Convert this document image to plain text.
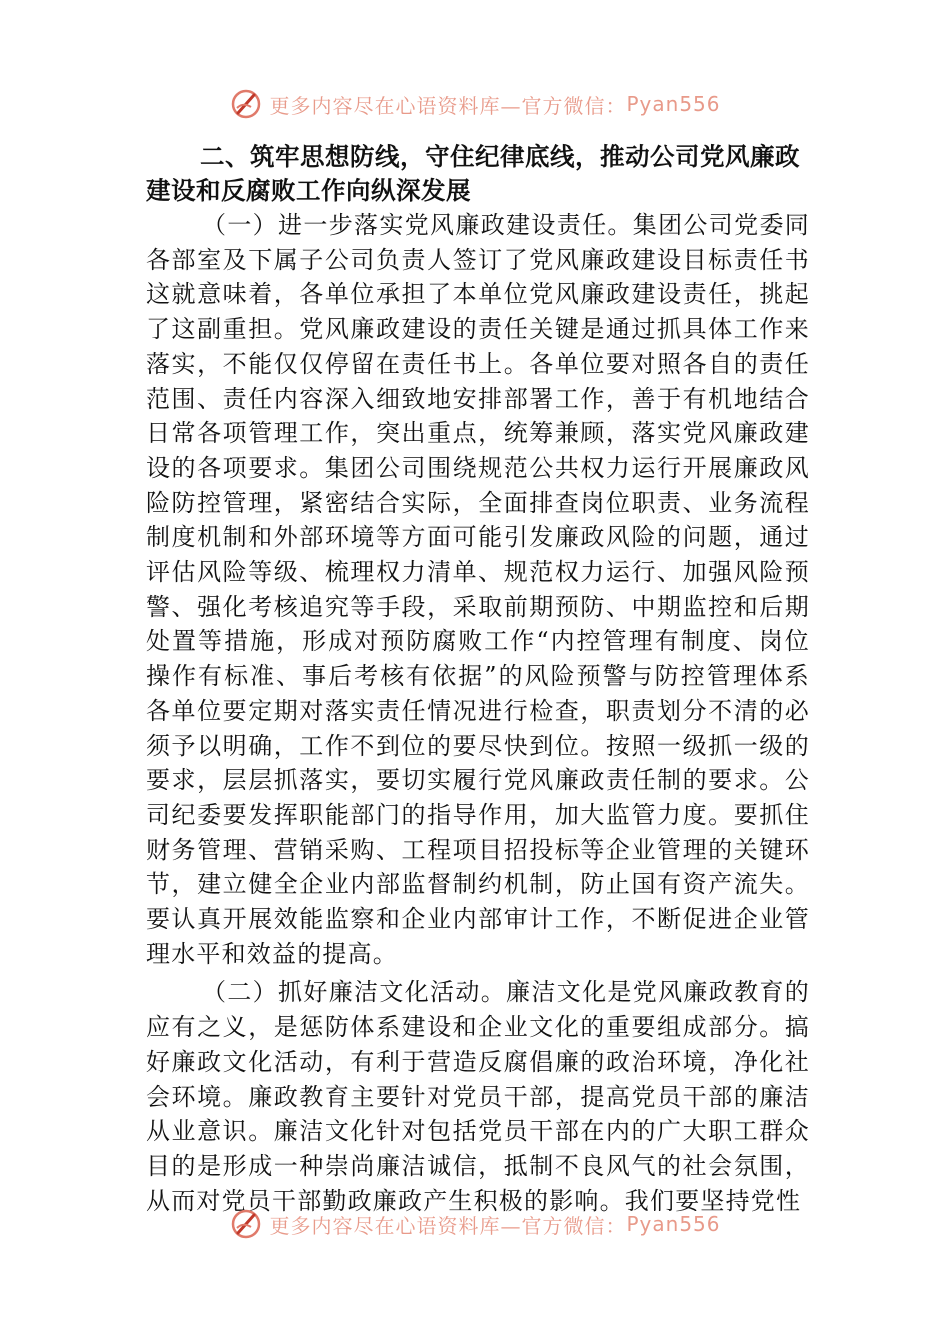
更多内容尽在心语资料库—官方微信： Pyan556
二、筑牢思想防线，守住纪律底线，推动公司党风廉政建设和反腐败工作向纵深发展

（一）进一步落实党风廉政建设责任。集团公司党委同各部室及下属子公司负责人签订了党风廉政建设目标责任书这就意味着，各单位承担了本单位党风廉政建设责任，挑起了这副重担。党风廉政建设的责任关键是通过抓具体工作来落实，不能仅仅停留在责任书上。各单位要对照各自的责任范围、责任内容深入细致地安排部署工作，善于有机地结合日常各项管理工作，突出重点，统筹兼顾，落实党风廉政建设的各项要求。集团公司围绕规范公共权力运行开展廉政风险防控管理，紧密结合实际，全面排查岗位职责、业务流程制度机制和外部环境等方面可能引发廉政风险的问题，通过评估风险等级、梳理权力清单、规范权力运行、加强风险预警、强化考核追究等手段，采取前期预防、中期监控和后期处置等措施，形成对预防腐败工作“内控管理有制度、岗位操作有标准、事后考核有依据”的风险预警与防控管理体系各单位要定期对落实责任情况进行检查，职责划分不清的必须予以明确，工作不到位的要尽快到位。按照一级抓一级的要求，层层抓落实，要切实履行党风廉政责任制的要求。公司纪委要发挥职能部门的指导作用，加大监管力度。要抓住财务管理、营销采购、工程项目招投标等企业管理的关键环节，建立健全企业内部监督制约机制，防止国有资产流失。要认真开展效能监察和企业内部审计工作，不断促进企业管理水平和效益的提高。

（二）抓好廉洁文化活动。廉洁文化是党风廉政教育的应有之义，是惩防体系建设和企业文化的重要组成部分。搞好廉政文化活动，有利于营造反腐倡廉的政治环境，净化社会环境。廉政教育主要针对党员干部，提高党员干部的廉洁从业意识。廉洁文化针对包括党员干部在内的广大职工群众目的是形成一种崇尚廉洁诚信，抵制不良风气的社会氛围，从而对党员干部勤政廉政产生积极的影响。我们要坚持党性

更多内容尽在心语资料库—官方微信： Pyan556
